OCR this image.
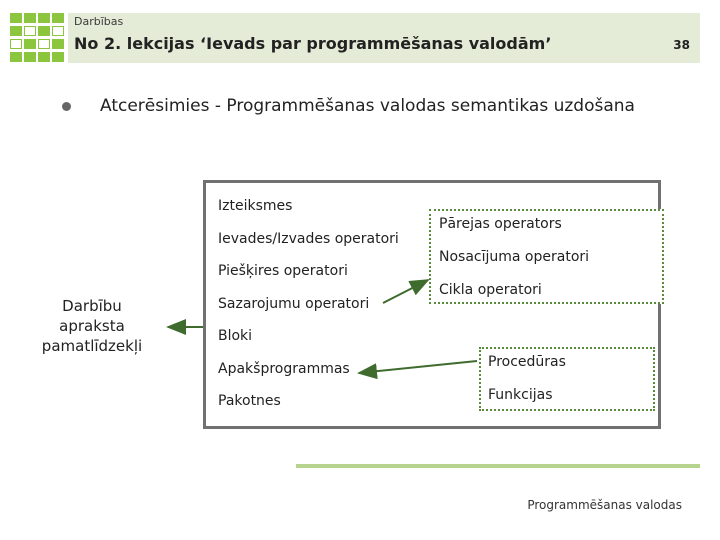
Darbības
No 2. lekcijas ‘Ievads par programmēšanas valodām’	38
Atcerēsimies - Programmēšanas valodas semantikas uzdošana
Darbību
apraksta
pamatlīdzekļi
Izteiksmes
Ievades/Izvades operatori
Piešķires operatori
Sazarojumu operatori
Bloki
Apakšprogrammas
Pakotnes
Pārejas operators
Nosacījuma operatori
Cikla operatori
Procedūras
Funkcijas
Programmēšanas valodas
